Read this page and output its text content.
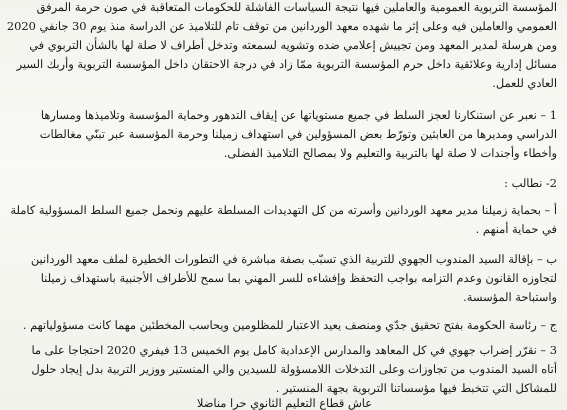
المؤسسة التربوية العمومية والعاملين فيها نتيجة السياسات الفاشلة للحكومات المتعاقبة في صون حرمة المرفق
العمومي والعاملين فيه وعلى إثر ما شهده معهد الوردانين من توقف تام للتلاميذ عن الدراسة منذ يوم 30 جانفي 2020
ومن هرسلة لمدير المعهد ومن تجييش إعلامي ضده وتشويه لسمعته وتدخل أطراف لا صلة لها بالشأن التربوي في
مسائل إدارية وعلائقية داخل حرم المؤسسة التربوية ممّا زاد في درجة الاحتقان داخل المؤسسة التربوية وأربك السير
العادي للعمل.
1 – نعبر عن استنكارنا لعجز السلط في جميع مستوياتها عن إيقاف التدهور وحماية المؤسسة وتلاميذها ومسارها
الدراسي ومديرها من العابثين وتورّط بعض المسؤولين في استهداف زميلنا وحرمة المؤسسة عبر تبنّي مغالطات
وأخطاء وأجندات لا صلة لها بالتربية والتعليم ولا بمصالح التلاميذ الفضلى.
2- نطالب :
أ – بحماية زميلنا مدير معهد الوردانين وأسرته من كل التهديدات المسلطة عليهم ونحمل جميع السلط المسؤولية كاملة
في حماية أمنهم .
ب – بإقالة السيد المندوب الجهوي للتربية الذي تسبّب بصفة مباشرة في التطورات الخطيرة لملف معهد الوردانين
لتجاوزه القانون وعدم التزامه بواجب التحفظ وإفشاءه للسر المهني بما سمح للأطراف الأجنبية باستهداف زميلنا
واستباحة المؤسسة.
ج – رئاسة الحكومة بفتح تحقيق جدّي ومنصف يعيد الاعتبار للمظلومين ويحاسب المخطئين مهما كانت مسؤولياتهم .
3 – نقرّر إضراب جهوي في كل المعاهد والمدارس الإعدادية كامل يوم الخميس 13 فيفري 2020 احتجاجا على ما
أتاه السيد المندوب من تجاوزات وعلى التدخلات اللامسؤولة للسيدين والي المنستير ووزير التربية بدل إيجاد حلول
للمشاكل التي تتخبط فيها مؤسساتنا التربوية بجهة المنستير .
عاش قطاع التعليم الثانوي حرا مناضلا
